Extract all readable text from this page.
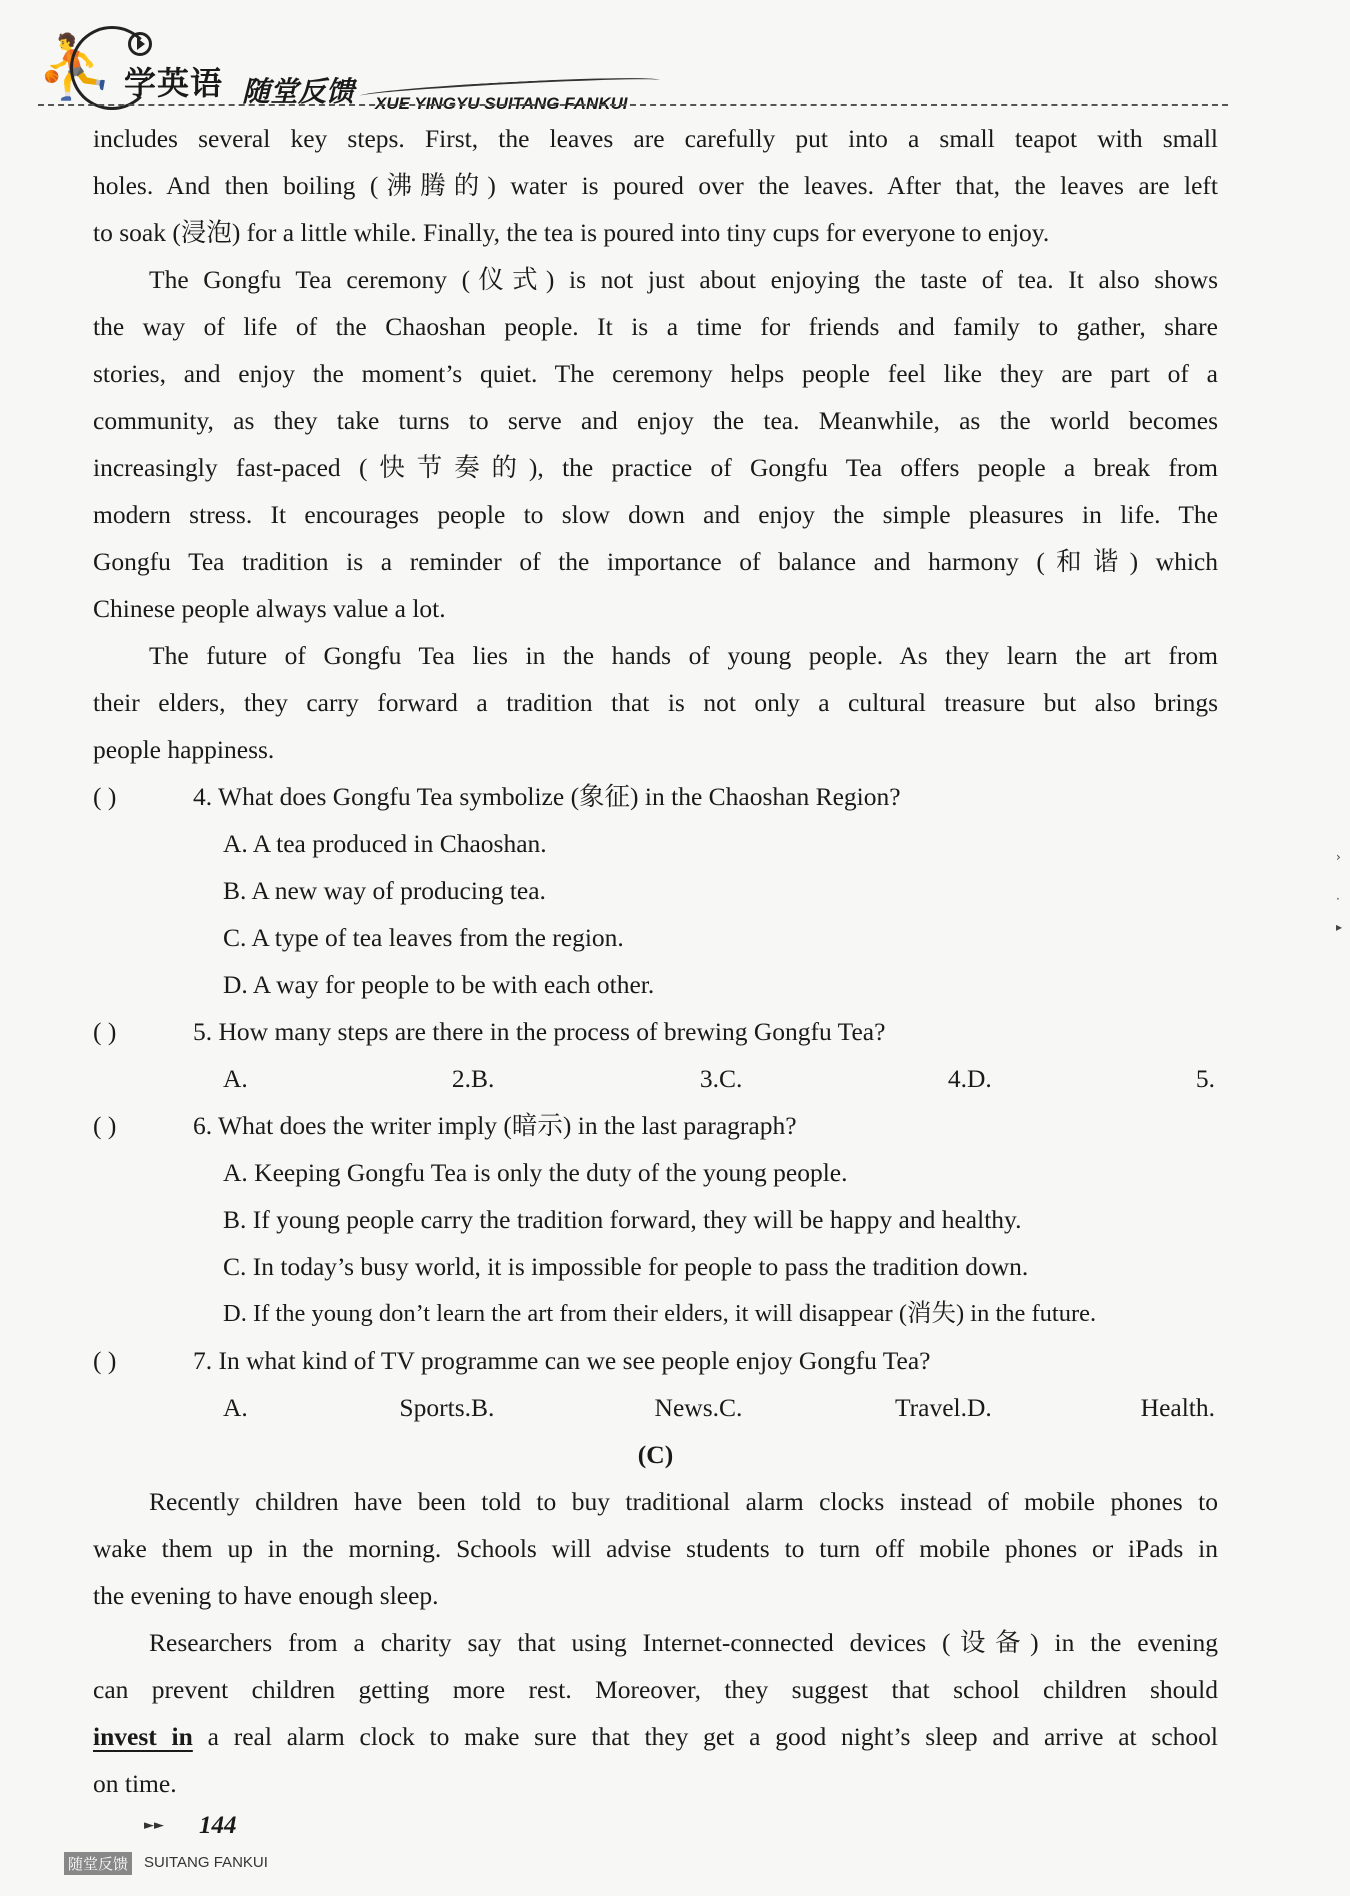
⛹ 学英语 随堂反馈 XUE YINGYU SUITANG FANKUI
includes several key steps. First, the leaves are carefully put into a small teapot with small
holes. And then boiling (沸腾的) water is poured over the leaves. After that, the leaves are left
to soak (浸泡) for a little while. Finally, the tea is poured into tiny cups for everyone to enjoy.
The Gongfu Tea ceremony (仪式) is not just about enjoying the taste of tea. It also shows
the way of life of the Chaoshan people. It is a time for friends and family to gather, share
stories, and enjoy the moment’s quiet. The ceremony helps people feel like they are part of a
community, as they take turns to serve and enjoy the tea. Meanwhile, as the world becomes
increasingly fast-paced (快节奏的), the practice of Gongfu Tea offers people a break from
modern stress. It encourages people to slow down and enjoy the simple pleasures in life. The
Gongfu Tea tradition is a reminder of the importance of balance and harmony (和谐) which
Chinese people always value a lot.
The future of Gongfu Tea lies in the hands of young people. As they learn the art from
their elders, they carry forward a tradition that is not only a cultural treasure but also brings
people happiness.
( )	4. What does Gongfu Tea symbolize (象征) in the Chaoshan Region?
A. A tea produced in Chaoshan.
B. A new way of producing tea.
C. A type of tea leaves from the region.
D. A way for people to be with each other.
( )	5. How many steps are there in the process of brewing Gongfu Tea?
A. 2. B. 3. C. 4. D. 5.
( )	6. What does the writer imply (暗示) in the last paragraph?
A. Keeping Gongfu Tea is only the duty of the young people.
B. If young people carry the tradition forward, they will be happy and healthy.
C. In today’s busy world, it is impossible for people to pass the tradition down.
D. If the young don’t learn the art from their elders, it will disappear (消失) in the future.
( )	7. In what kind of TV programme can we see people enjoy Gongfu Tea?
A. Sports. B. News. C. Travel. D. Health.
(C)
Recently children have been told to buy traditional alarm clocks instead of mobile phones to
wake them up in the morning. Schools will advise students to turn off mobile phones or iPads in
the evening to have enough sleep.
Researchers from a charity say that using Internet-connected devices (设备) in the evening
can prevent children getting more rest. Moreover, they suggest that school children should
invest in a real alarm clock to make sure that they get a good night’s sleep and arrive at school
on time.
›

·

▸
►► 144
随堂反馈 SUITANG FANKUI
